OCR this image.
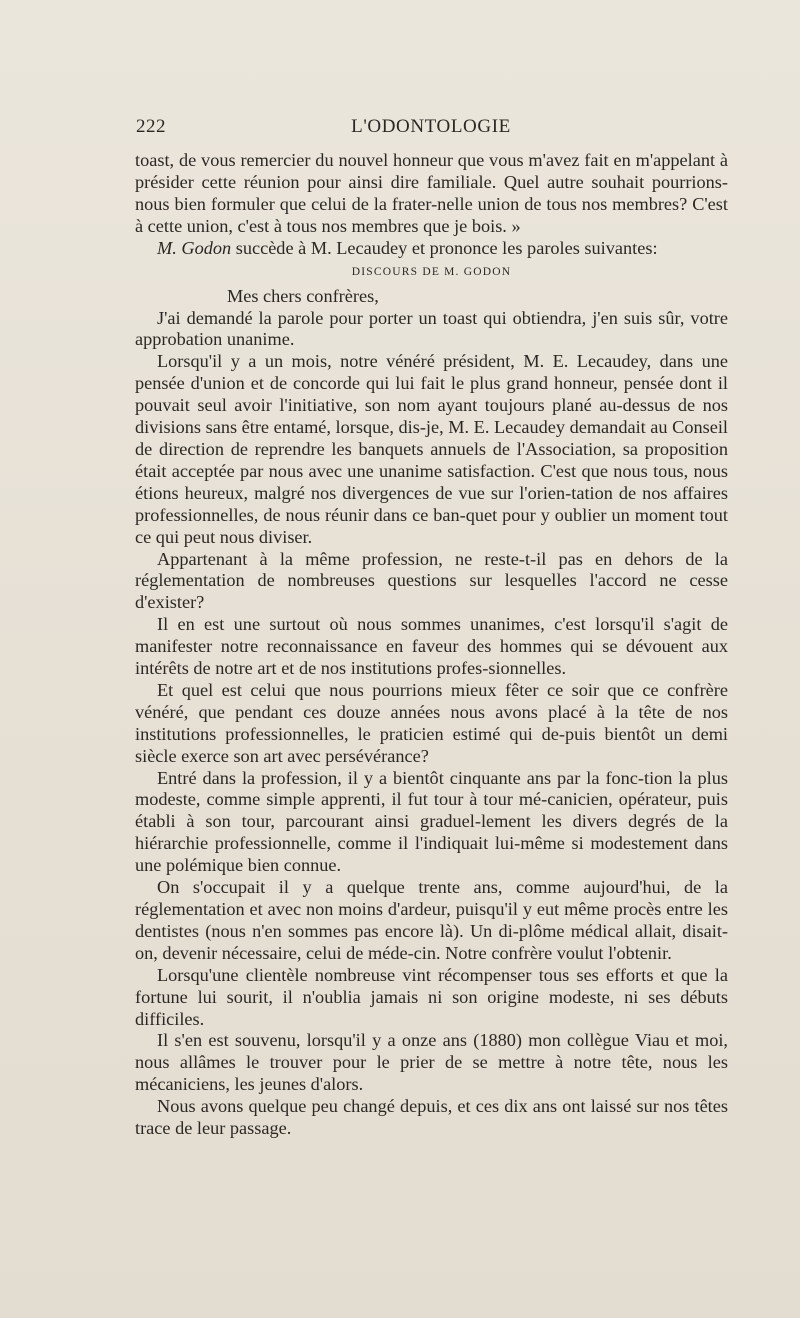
222	L'ODONTOLOGIE

toast, de vous remercier du nouvel honneur que vous m'avez fait en m'appelant à présider cette réunion pour ainsi dire familiale. Quel autre souhait pourrions-nous bien formuler que celui de la frater-nelle union de tous nos membres? C'est à cette union, c'est à tous nos membres que je bois. »

M. Godon succède à M. Lecaudey et prononce les paroles suivantes:

DISCOURS DE M. GODON

Mes chers confrères,

J'ai demandé la parole pour porter un toast qui obtiendra, j'en suis sûr, votre approbation unanime.

Lorsqu'il y a un mois, notre vénéré président, M. E. Lecaudey, dans une pensée d'union et de concorde qui lui fait le plus grand honneur, pensée dont il pouvait seul avoir l'initiative, son nom ayant toujours plané au-dessus de nos divisions sans être entamé, lorsque, dis-je, M. E. Lecaudey demandait au Conseil de direction de reprendre les banquets annuels de l'Association, sa proposition était acceptée par nous avec une unanime satisfaction. C'est que nous tous, nous étions heureux, malgré nos divergences de vue sur l'orien-tation de nos affaires professionnelles, de nous réunir dans ce ban-quet pour y oublier un moment tout ce qui peut nous diviser.

Appartenant à la même profession, ne reste-t-il pas en dehors de la réglementation de nombreuses questions sur lesquelles l'accord ne cesse d'exister?

Il en est une surtout où nous sommes unanimes, c'est lorsqu'il s'agit de manifester notre reconnaissance en faveur des hommes qui se dévouent aux intérêts de notre art et de nos institutions profes-sionnelles.

Et quel est celui que nous pourrions mieux fêter ce soir que ce confrère vénéré, que pendant ces douze années nous avons placé à la tête de nos institutions professionnelles, le praticien estimé qui de-puis bientôt un demi siècle exerce son art avec persévérance?

Entré dans la profession, il y a bientôt cinquante ans par la fonc-tion la plus modeste, comme simple apprenti, il fut tour à tour mé-canicien, opérateur, puis établi à son tour, parcourant ainsi graduel-lement les divers degrés de la hiérarchie professionnelle, comme il l'indiquait lui-même si modestement dans une polémique bien connue.

On s'occupait il y a quelque trente ans, comme aujourd'hui, de la réglementation et avec non moins d'ardeur, puisqu'il y eut même procès entre les dentistes (nous n'en sommes pas encore là). Un di-plôme médical allait, disait-on, devenir nécessaire, celui de méde-cin. Notre confrère voulut l'obtenir.

Lorsqu'une clientèle nombreuse vint récompenser tous ses efforts et que la fortune lui sourit, il n'oublia jamais ni son origine modeste, ni ses débuts difficiles.

Il s'en est souvenu, lorsqu'il y a onze ans (1880) mon collègue Viau et moi, nous allâmes le trouver pour le prier de se mettre à notre tête, nous les mécaniciens, les jeunes d'alors.

Nous avons quelque peu changé depuis, et ces dix ans ont laissé sur nos têtes trace de leur passage.
